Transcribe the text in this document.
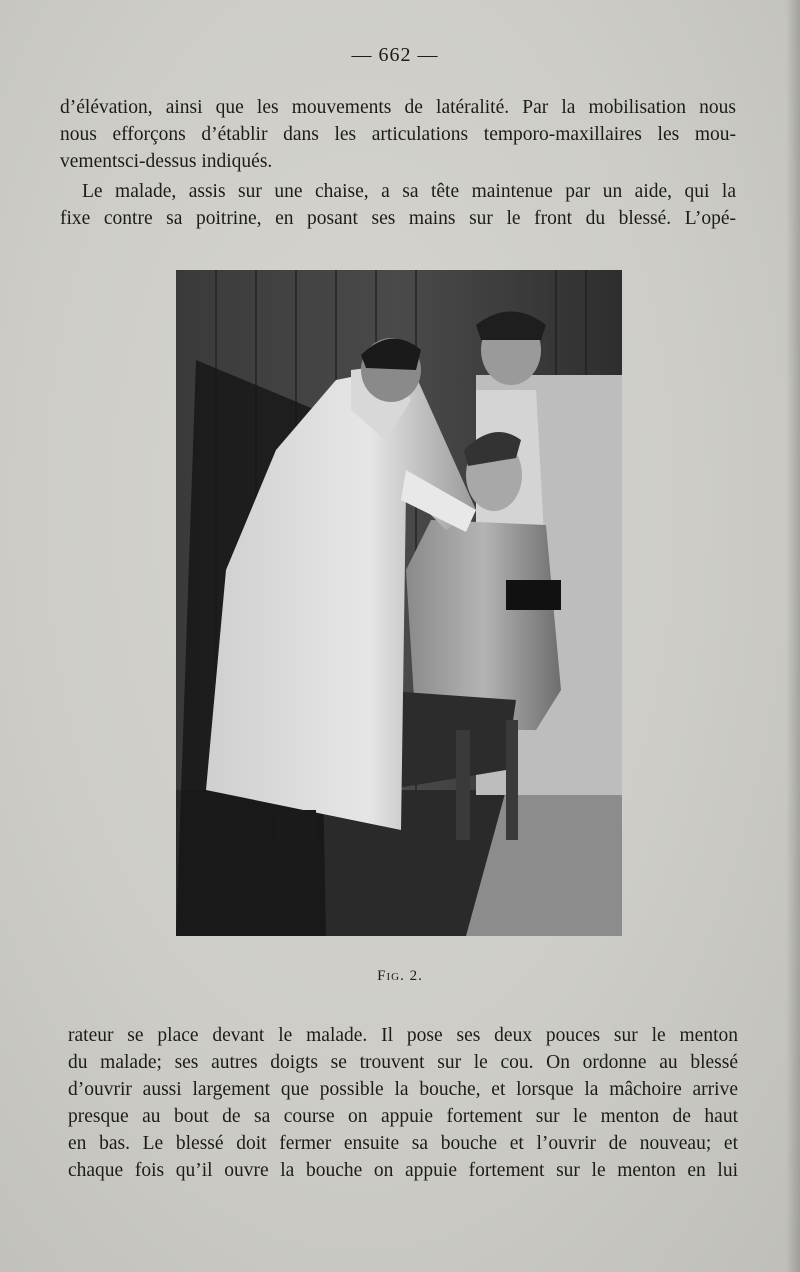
— 662 —
d’élévation, ainsi que les mouvements de latéralité. Par la mobilisation nous
nous efforçons d’établir dans les articulations temporo-maxillaires les mou-
vementsci-dessus indiqués.
Le malade, assis sur une chaise, a sa tête maintenue par un aide, qui la
fixe contre sa poitrine, en posant ses mains sur le front du blessé. L’opé-
Fig. 2.
rateur se place devant le malade. Il pose ses deux pouces sur le menton
du malade; ses autres doigts se trouvent sur le cou. On ordonne au blessé
d’ouvrir aussi largement que possible la bouche, et lorsque la mâchoire arrive
presque au bout de sa course on appuie fortement sur le menton de haut
en bas. Le blessé doit fermer ensuite sa bouche et l’ouvrir de nouveau; et
chaque fois qu’il ouvre la bouche on appuie fortement sur le menton en lui
